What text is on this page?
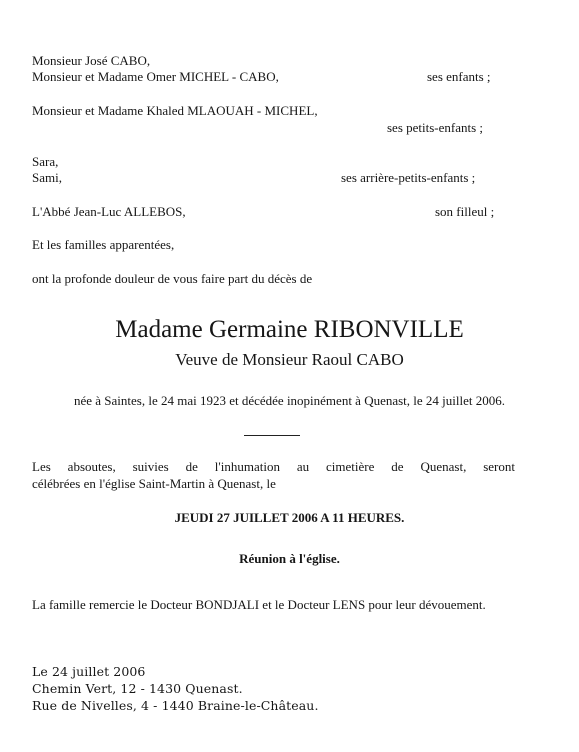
Monsieur José CABO,
Monsieur et Madame Omer MICHEL - CABO,	ses enfants ;
Monsieur et Madame Khaled MLAOUAH - MICHEL,
ses petits-enfants ;
Sara,
Sami,	ses arrière-petits-enfants ;
L'Abbé Jean-Luc ALLEBOS,	son filleul ;
Et les familles apparentées,
ont la profonde douleur de vous faire part du décès de
Madame Germaine RIBONVILLE
Veuve de Monsieur Raoul CABO
née à Saintes, le 24 mai 1923 et décédée inopinément à Quenast, le 24 juillet 2006.
Les absoutes, suivies de l'inhumation au cimetière de Quenast, seront
célébrées en l'église Saint-Martin à Quenast, le
JEUDI 27 JUILLET 2006 A 11 HEURES.
Réunion à l'église.
La famille remercie le Docteur BONDJALI et le Docteur LENS pour leur dévouement.
Le 24 juillet 2006
Chemin Vert, 12 - 1430 Quenast.
Rue de Nivelles, 4 - 1440 Braine-le-Château.
